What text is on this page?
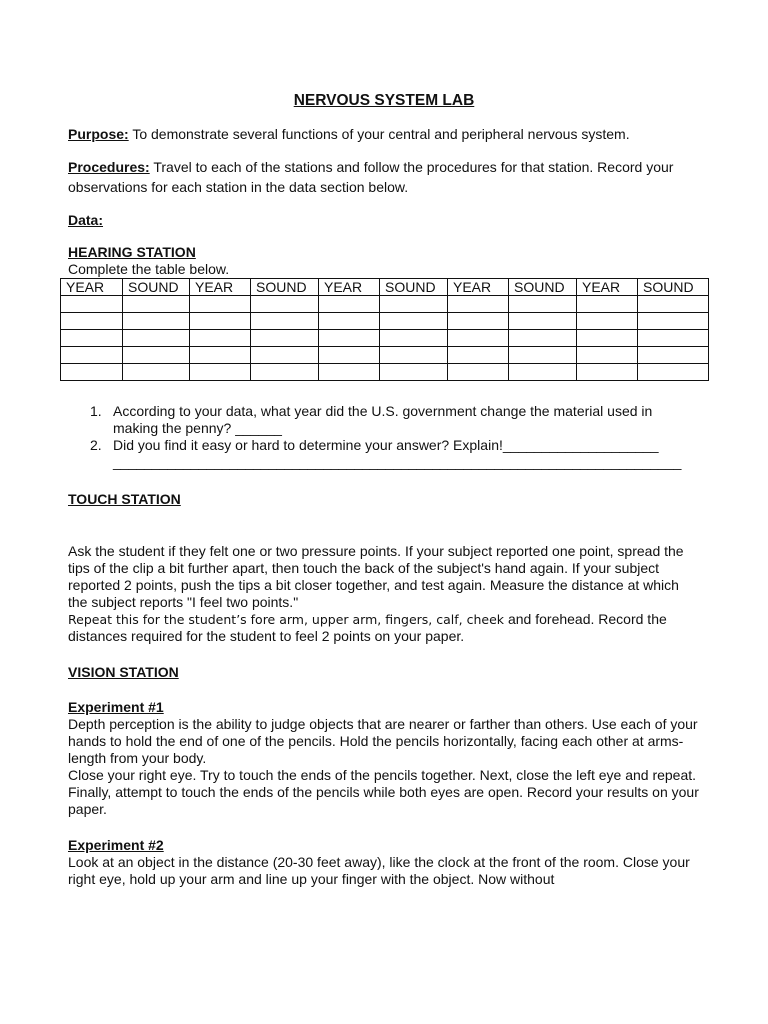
NERVOUS SYSTEM LAB
Purpose: To demonstrate several functions of your central and peripheral nervous system.
Procedures: Travel to each of the stations and follow the procedures for that station. Record your observations for each station in the data section below.
Data:
HEARING STATION
Complete the table below.
YEAR	SOUND	YEAR	SOUND	YEAR	SOUND	YEAR	SOUND	YEAR	SOUND

1. According to your data, what year did the U.S. government change the material used in making the penny? ______
2. Did you find it easy or hard to determine your answer? Explain!____________________ _________________________________________________________________________
TOUCH STATION
Ask the student if they felt one or two pressure points. If your subject reported one point, spread the tips of the clip a bit further apart, then touch the back of the subject's hand again. If your subject reported 2 points, push the tips a bit closer together, and test again. Measure the distance at which the subject reports "I feel two points."
Repeat this for the student’s fore arm, upper arm, fingers, calf, cheek and forehead. Record the distances required for the student to feel 2 points on your paper.
VISION STATION
Experiment #1
Depth perception is the ability to judge objects that are nearer or farther than others. Use each of your hands to hold the end of one of the pencils. Hold the pencils horizontally, facing each other at arms-length from your body.
Close your right eye. Try to touch the ends of the pencils together. Next, close the left eye and repeat. Finally, attempt to touch the ends of the pencils while both eyes are open. Record your results on your paper.
Experiment #2
Look at an object in the distance (20-30 feet away), like the clock at the front of the room. Close your right eye, hold up your arm and line up your finger with the object. Now without
